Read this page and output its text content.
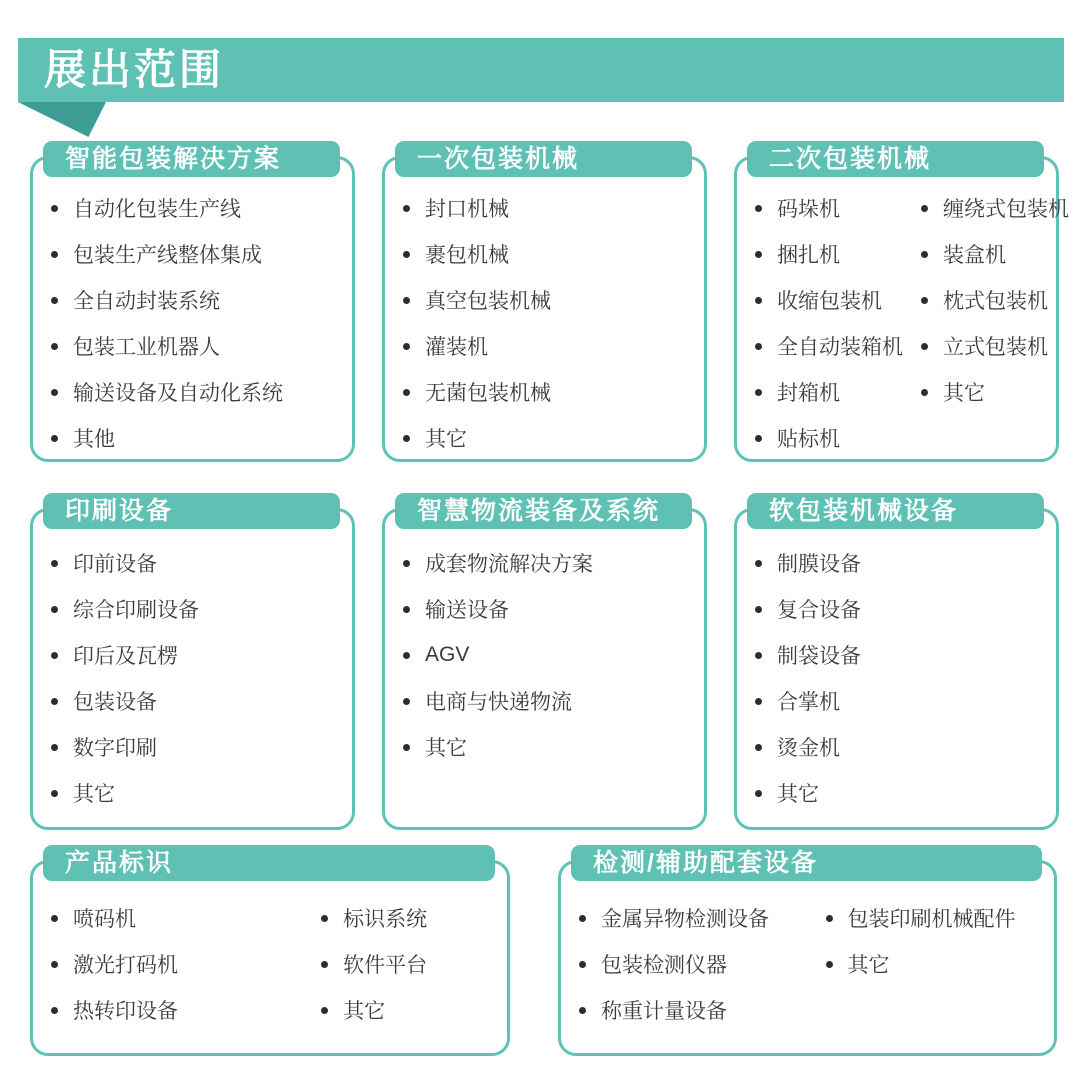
展出范围
智能包装解决方案
自动化包装生产线
包装生产线整体集成
全自动封装系统
包装工业机器人
输送设备及自动化系统
其他
一次包装机械
封口机械
裹包机械
真空包装机械
灌装机
无菌包装机械
其它
二次包装机械
码垛机
捆扎机
收缩包装机
全自动装箱机
封箱机
贴标机
缠绕式包装机
装盒机
枕式包装机
立式包装机
其它
印刷设备
印前设备
综合印刷设备
印后及瓦楞
包装设备
数字印刷
其它
智慧物流装备及系统
成套物流解决方案
输送设备
AGV
电商与快递物流
其它
软包装机械设备
制膜设备
复合设备
制袋设备
合掌机
烫金机
其它
产品标识
喷码机
激光打码机
热转印设备
标识系统
软件平台
其它
检测/辅助配套设备
金属异物检测设备
包装检测仪器
称重计量设备
包装印刷机械配件
其它
